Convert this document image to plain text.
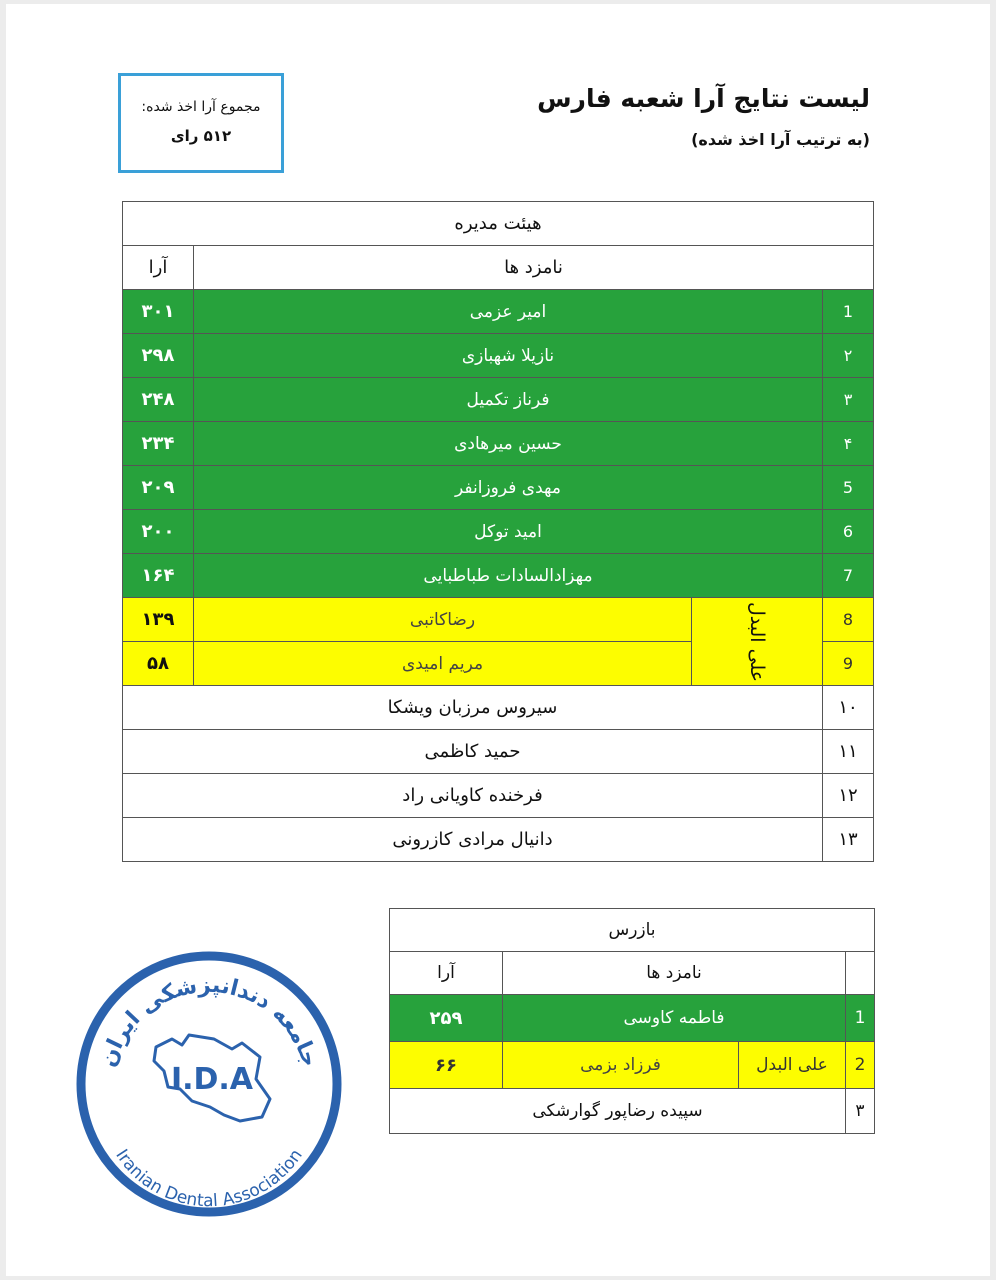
لیست نتایج آرا شعبه فارس
(به ترتیب آرا اخذ شده)
مجموع آرا اخذ شده:
۵۱۲ رای
هیئت مدیره			
آرا	نامزد ها		
۳۰۱	امیر عزمی		1
۲۹۸	نازیلا شهبازی		۲
۲۴۸	فرناز تکمیل		۳
۲۳۴	حسین میرهادی		۴
۲۰۹	مهدی فروزانفر		5
۲۰۰	امید توکل		6
۱۶۴	مهزادالسادات طباطبایی		7
۱۳۹	رضاکاتبی	علی البدل	8
۵۸	مریم امیدی		9
سیروس مرزبان ویشکا			۱۰
حمید کاظمی			۱۱
فرخنده کاویانی راد			۱۲
دانیال مرادی کازرونی			۱۳
بازرس			
آرا	نامزد ها		
۲۵۹	فاطمه کاوسی		1
۶۶	فرزاد بزمی	علی البدل	2
سپیده رضاپور گوارشکی			۳
جامعه دندانپزشکی ایران
I.D.A
Iranian Dental Association
